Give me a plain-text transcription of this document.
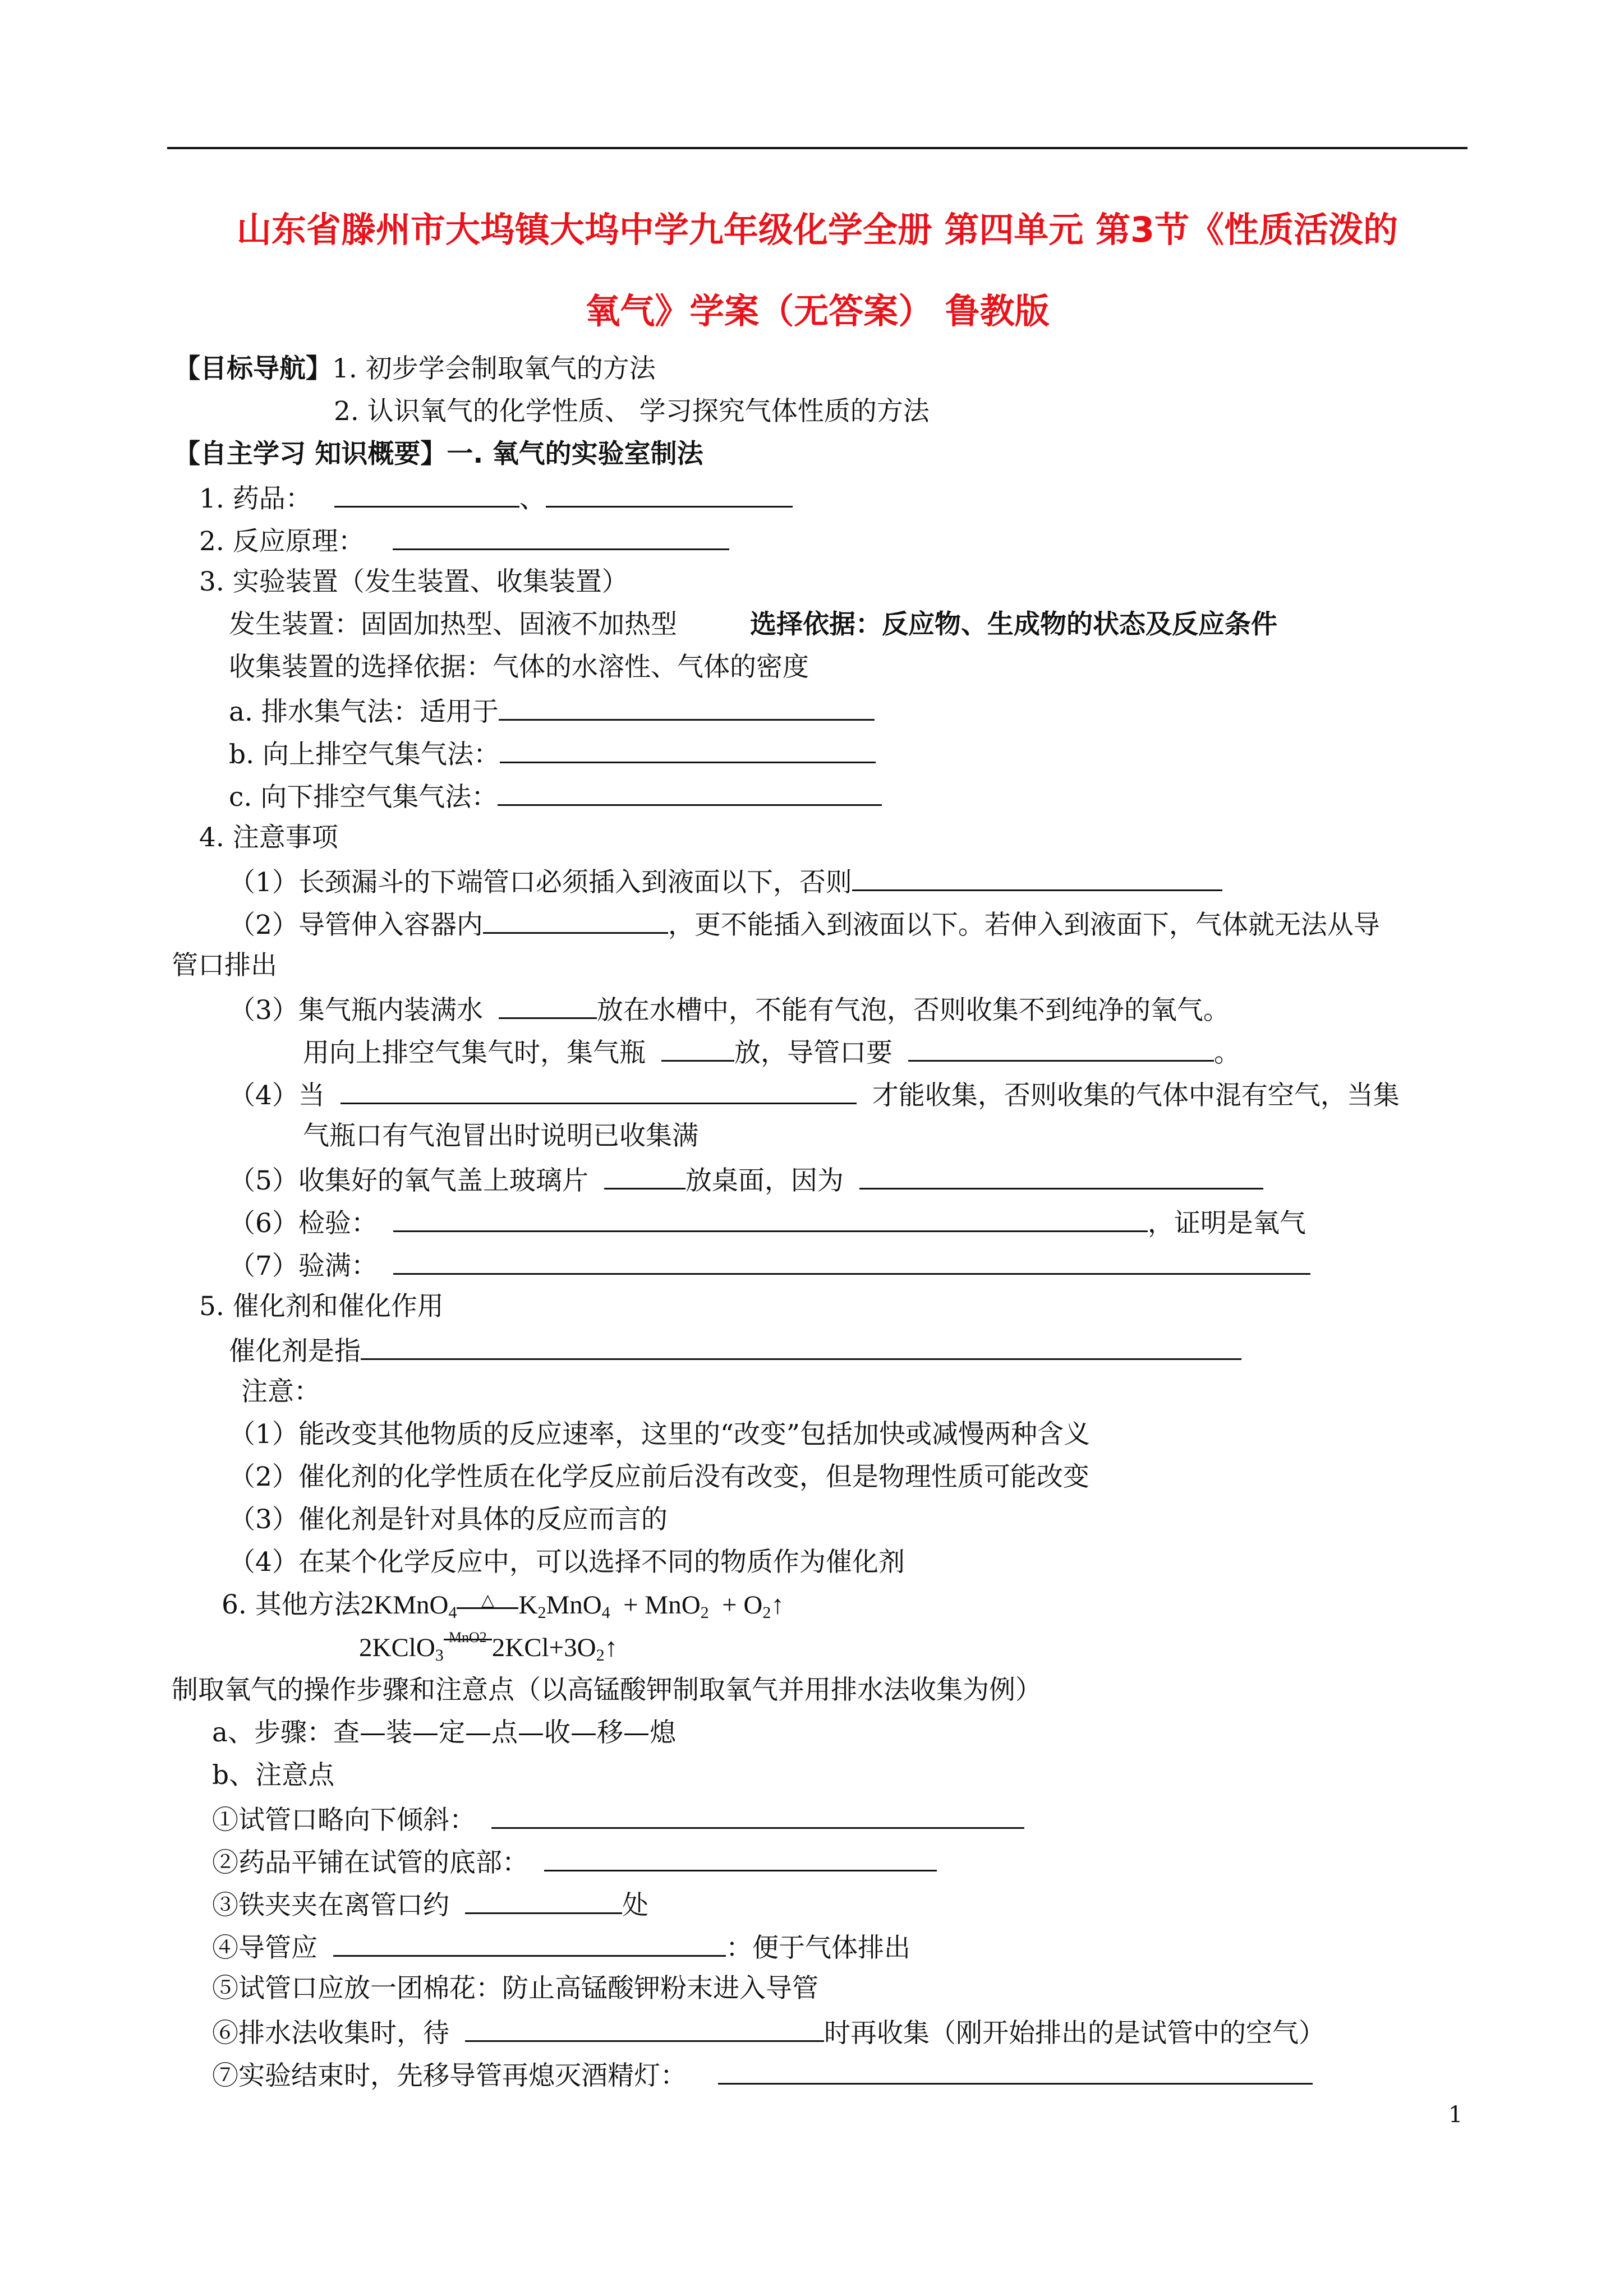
山东省滕州市大坞镇大坞中学九年级化学全册 第四单元 第3节《性质活泼的
氧气》学案（无答案） 鲁教版
【目标导航】1. 初步学会制取氧气的方法
2. 认识氧气的化学性质、 学习探究气体性质的方法
【自主学习 知识概要】一. 氧气的实验室制法
1. 药品：	、
2. 反应原理：
3. 实验装置（发生装置、收集装置）
发生装置：固固加热型、固液不加热型	选择依据：反应物、生成物的状态及反应条件
收集装置的选择依据：气体的水溶性、气体的密度
a. 排水集气法：适用于
b. 向上排空气集气法：
c. 向下排空气集气法：
4. 注意事项
（1）长颈漏斗的下端管口必须插入到液面以下，否则
（2）导管伸入容器内	，更不能插入到液面以下。若伸入到液面下，气体就无法从导
管口排出
（3）集气瓶内装满水	放在水槽中，不能有气泡，否则收集不到纯净的氧气。
用向上排空气集气时，集气瓶	放，导管口要	。
（4）当	才能收集，否则收集的气体中混有空气，当集
气瓶口有气泡冒出时说明已收集满
（5）收集好的氧气盖上玻璃片	放桌面，因为
（6）检验：	，证明是氧气
（7）验满：
5. 催化剂和催化作用
催化剂是指
注意：
（1）能改变其他物质的反应速率，这里的“改变”包括加快或减慢两种含义
（2）催化剂的化学性质在化学反应前后没有改变，但是物理性质可能改变
（3）催化剂是针对具体的反应而言的
（4）在某个化学反应中，可以选择不同的物质作为催化剂
6. 其他方法2KMnO$_4$△ $K_2MnO_4 + MnO_2$ + $O_2↑$
2KClO$_3$
MnO2 $2KCl+3O_2↑$
制取氧气的操作步骤和注意点（以高锰酸钾制取氧气并用排水法收集为例）
a、步骤：查—装—定—点—收—移—熄
b、注意点
①试管口略向下倾斜：
②药品平铺在试管的底部：
③铁夹夹在离管口约	处
④导管应	：便于气体排出
⑤试管口应放一团棉花：防止高锰酸钾粉末进入导管
⑥排水法收集时，待	时再收集（刚开始排出的是试管中的空气）
⑦实验结束时，先移导管再熄灭酒精灯：
1
